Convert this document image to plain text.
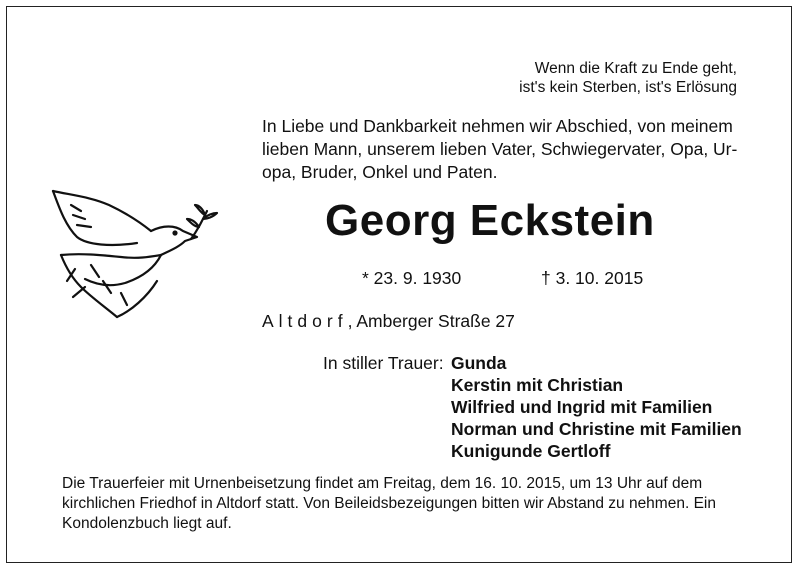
Wenn die Kraft zu Ende geht,
ist's kein Sterben, ist's Erlösung
In Liebe und Dankbarkeit nehmen wir Abschied, von meinem
lieben Mann, unserem lieben Vater, Schwiegervater, Opa, Ur-
opa, Bruder, Onkel und Paten.
Georg Eckstein
* 23. 9. 1930	† 3. 10. 2015
Altdorf, Amberger Straße 27
In stiller Trauer: Gunda
Kerstin mit Christian
Wilfried und Ingrid mit Familien
Norman und Christine mit Familien
Kunigunde Gertloff
Die Trauerfeier mit Urnenbeisetzung findet am Freitag, dem 16. 10. 2015, um 13 Uhr auf dem
kirchlichen Friedhof in Altdorf statt. Von Beileidsbezeigungen bitten wir Abstand zu nehmen. Ein
Kondolenzbuch liegt auf.
